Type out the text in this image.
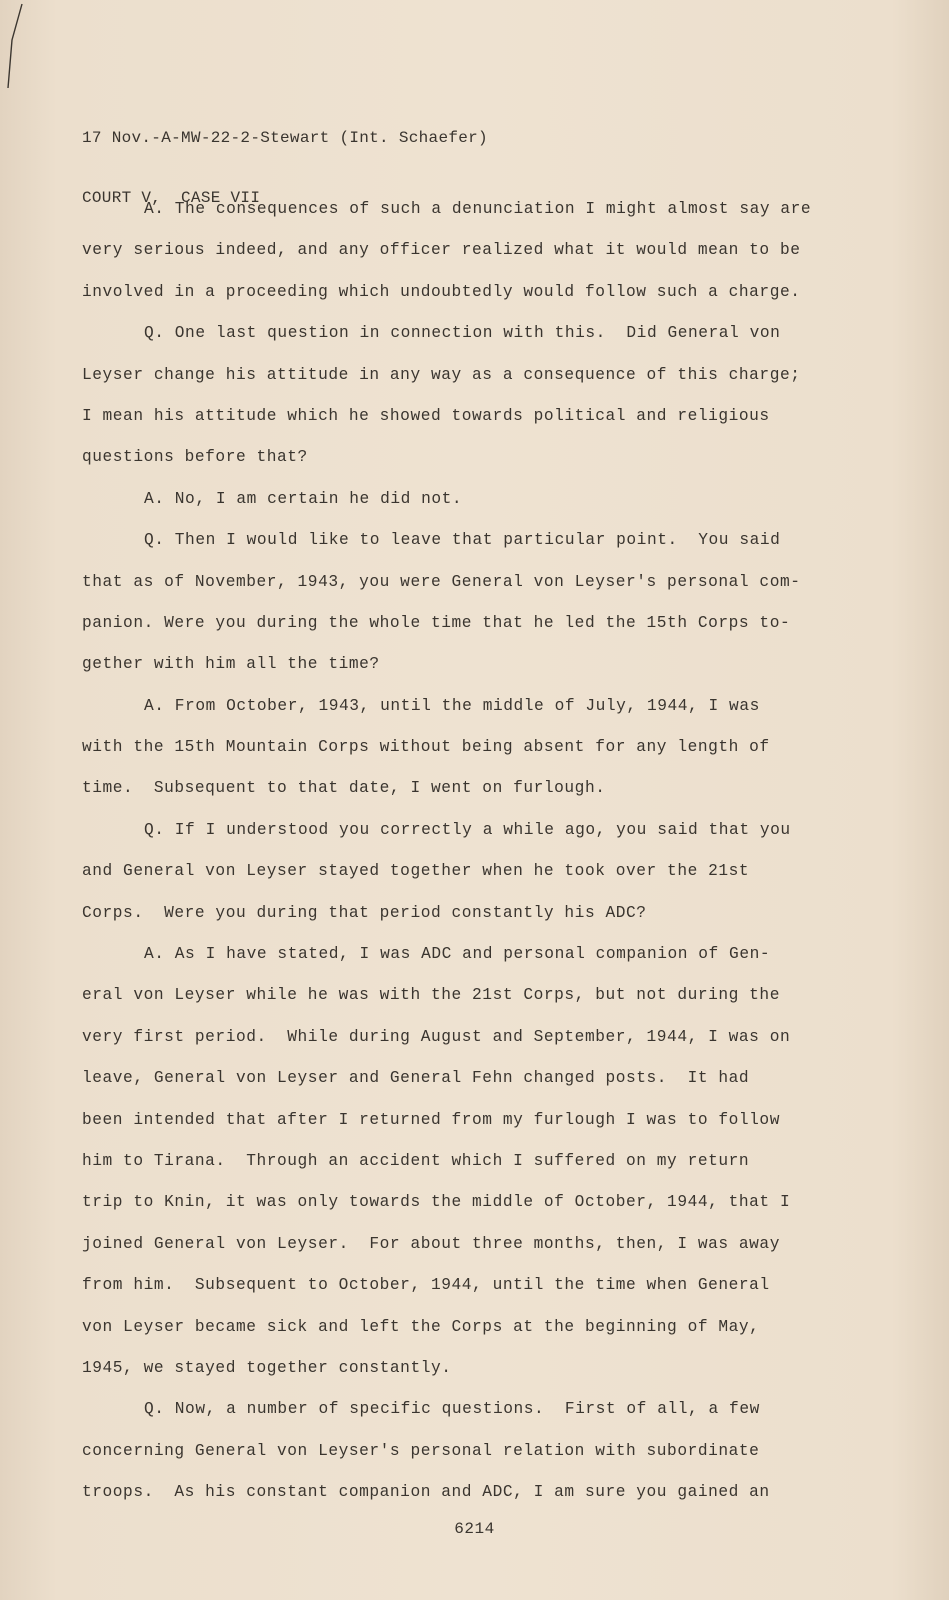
17 Nov.-A-MW-22-2-Stewart (Int. Schaefer)

COURT V,  CASE VII

A. The consequences of such a denunciation I might almost say are
very serious indeed, and any officer realized what it would mean to be
involved in a proceeding which undoubtedly would follow such a charge.
Q. One last question in connection with this.  Did General von
Leyser change his attitude in any way as a consequence of this charge;
I mean his attitude which he showed towards political and religious
questions before that?
A. No, I am certain he did not.
Q. Then I would like to leave that particular point.  You said
that as of November, 1943, you were General von Leyser's personal com-
panion. Were you during the whole time that he led the 15th Corps to-
gether with him all the time?
A. From October, 1943, until the middle of July, 1944, I was
with the 15th Mountain Corps without being absent for any length of
time.  Subsequent to that date, I went on furlough.
Q. If I understood you correctly a while ago, you said that you
and General von Leyser stayed together when he took over the 21st
Corps.  Were you during that period constantly his ADC?
A. As I have stated, I was ADC and personal companion of Gen-
eral von Leyser while he was with the 21st Corps, but not during the
very first period.  While during August and September, 1944, I was on
leave, General von Leyser and General Fehn changed posts.  It had
been intended that after I returned from my furlough I was to follow
him to Tirana.  Through an accident which I suffered on my return
trip to Knin, it was only towards the middle of October, 1944, that I
joined General von Leyser.  For about three months, then, I was away
from him.  Subsequent to October, 1944, until the time when General
von Leyser became sick and left the Corps at the beginning of May,
1945, we stayed together constantly.
Q. Now, a number of specific questions.  First of all, a few
concerning General von Leyser's personal relation with subordinate
troops.  As his constant companion and ADC, I am sure you gained an
6214
